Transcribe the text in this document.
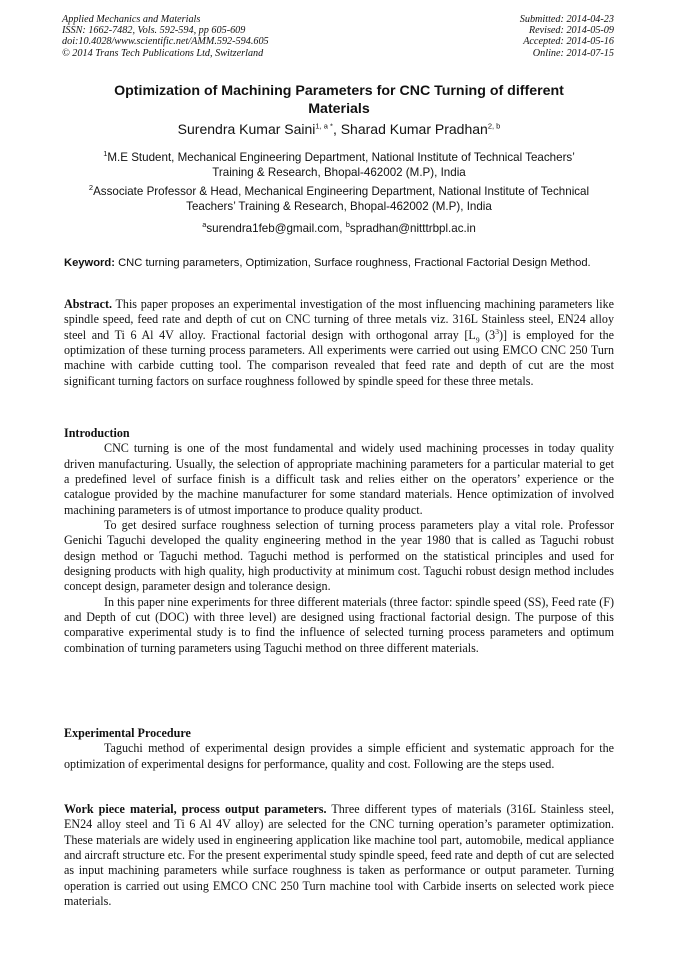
Applied Mechanics and Materials
ISSN: 1662-7482, Vols. 592-594, pp 605-609
doi:10.4028/www.scientific.net/AMM.592-594.605
© 2014 Trans Tech Publications Ltd, Switzerland
Submitted: 2014-04-23
Revised: 2014-05-09
Accepted: 2014-05-16
Online: 2014-07-15
Optimization of Machining Parameters for CNC Turning of different
Materials
Surendra Kumar Saini$^{1, a *}$, Sharad Kumar Pradhan$^{2, b}$
$^1$M.E Student, Mechanical Engineering Department, National Institute of Technical Teachers’
Training & Research, Bhopal-462002 (M.P), India
$^2$Associate Professor & Head, Mechanical Engineering Department, National Institute of Technical
Teachers’ Training & Research, Bhopal-462002 (M.P), India
$^a$surendra1feb@gmail.com, $^b$spradhan@nitttrbpl.ac.in
Keyword: CNC turning parameters, Optimization, Surface roughness, Fractional Factorial Design Method.

Abstract. This paper proposes an experimental investigation of the most influencing machining parameters like spindle speed, feed rate and depth of cut on CNC turning of three metals viz. 316L Stainless steel, EN24 alloy steel and Ti 6 Al 4V alloy. Fractional factorial design with orthogonal array [$L_9$ $(3^3)$] is employed for the optimization of these turning process parameters. All experiments were carried out using EMCO CNC 250 Turn machine with carbide cutting tool. The comparison revealed that feed rate and depth of cut are the most significant turning factors on surface roughness followed by spindle speed for these three metals.

Introduction

CNC turning is one of the most fundamental and widely used machining processes in today quality driven manufacturing. Usually, the selection of appropriate machining parameters for a particular material to get a predefined level of surface finish is a difficult task and relies either on the operators’ experience or the catalogue provided by the machine manufacturer for some standard materials. Hence optimization of involved machining parameters is of utmost importance to produce quality product.

To get desired surface roughness selection of turning process parameters play a vital role. Professor Genichi Taguchi developed the quality engineering method in the year 1980 that is called as Taguchi robust design method or Taguchi method. Taguchi method is performed on the statistical principles and used for designing products with high quality, high productivity at minimum cost. Taguchi robust design method includes concept design, parameter design and tolerance design.

In this paper nine experiments for three different materials (three factor: spindle speed (SS), Feed rate (F) and Depth of cut (DOC) with three level) are designed using fractional factorial design. The purpose of this comparative experimental study is to find the influence of selected turning process parameters and optimum combination of turning parameters using Taguchi method on three different materials.

Experimental Procedure

Taguchi method of experimental design provides a simple efficient and systematic approach for the optimization of experimental designs for performance, quality and cost. Following are the steps used.

Work piece material, process output parameters. Three different types of materials (316L Stainless steel, EN24 alloy steel and Ti 6 Al 4V alloy) are selected for the CNC turning operation’s parameter optimization. These materials are widely used in engineering application like machine tool part, automobile, medical appliance and aircraft structure etc. For the present experimental study spindle speed, feed rate and depth of cut are selected as input machining parameters while surface roughness is taken as performance or output parameter. Turning operation is carried out using EMCO CNC 250 Turn machine tool with Carbide inserts on selected work piece materials.
